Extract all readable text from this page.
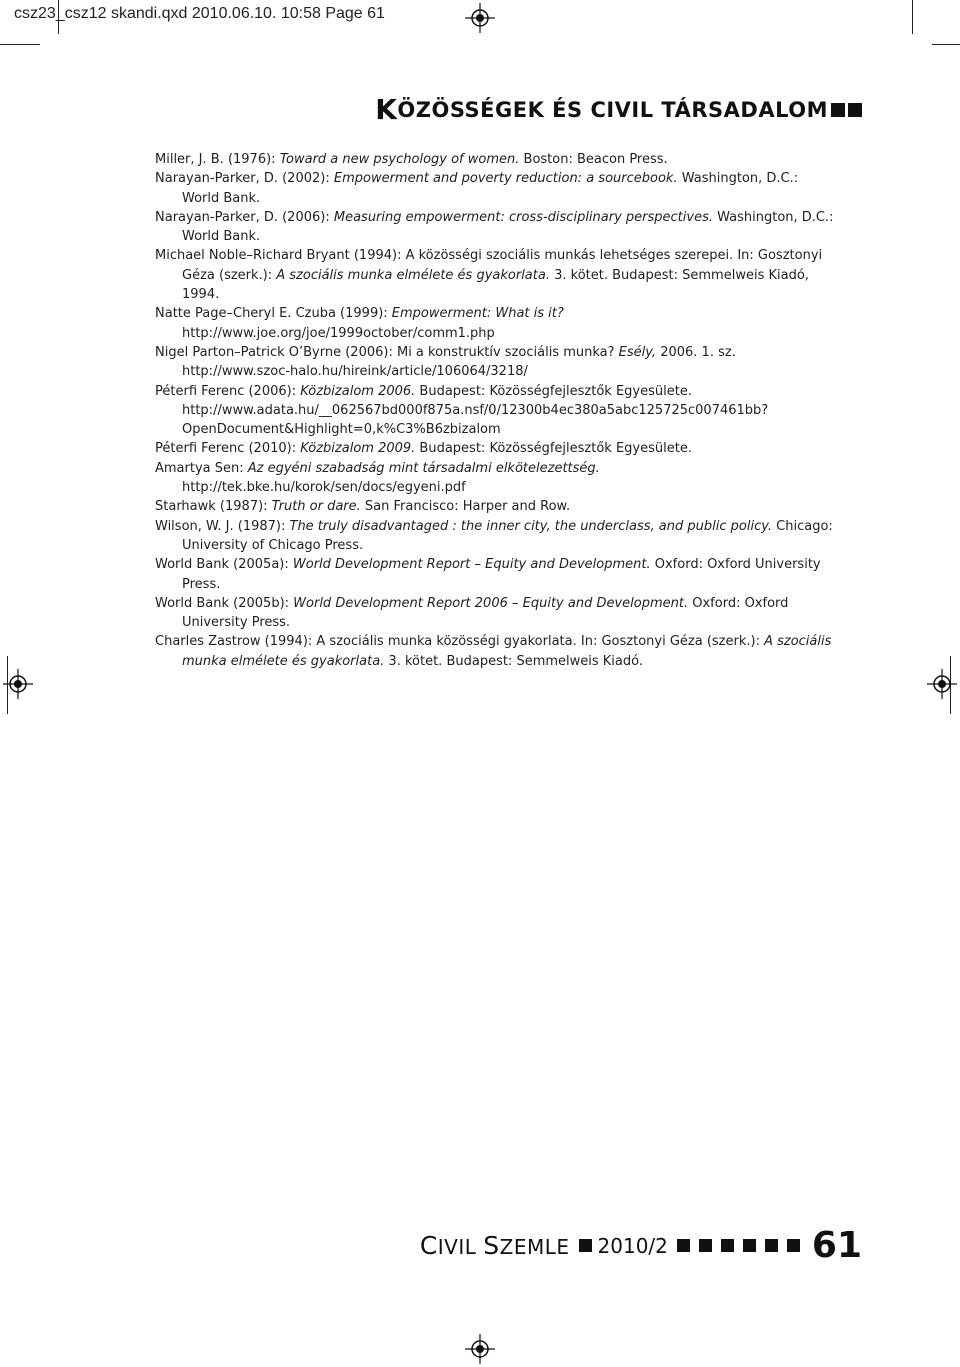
csz23_csz12 skandi.qxd 2010.06.10. 10:58 Page 61
K ÖZÖSSÉGEK ÉS CIVIL TÁRSADALOM

Miller, J. B. (1976): Toward a new psychology of women. Boston: Beacon Press.

Narayan-Parker, D. (2002): Empowerment and poverty reduction: a sourcebook. Washington, D.C.: World Bank.

Narayan-Parker, D. (2006): Measuring empowerment: cross-disciplinary perspectives. Washington, D.C.: World Bank.

Michael Noble–Richard Bryant (1994): A közösségi szociális munkás lehetséges szerepei. In: Gosztonyi Géza (szerk.): A szociális munka elmélete és gyakorlata. 3. kötet. Budapest: Semmelweis Kiadó, 1994.

Natte Page–Cheryl E. Czuba (1999): Empowerment: What is it? http://www.joe.org/joe/1999october/comm1.php

Nigel Parton–Patrick O’Byrne (2006): Mi a konstruktív szociális munka? Esély, 2006. 1. sz. http://www.szoc-halo.hu/hireink/article/106064/3218/

Péterfi Ferenc (2006): Közbizalom 2006. Budapest: Közösségfejlesztők Egyesülete. http://www.adata.hu/__062567bd000f875a.nsf/0/12300b4ec380a5abc125725c007461bb?OpenDocument&Highlight=0,k%C3%B6zbizalom

Péterfi Ferenc (2010): Közbizalom 2009. Budapest: Közösségfejlesztők Egyesülete.

Amartya Sen: Az egyéni szabadság mint társadalmi elkötelezettség. http://tek.bke.hu/korok/sen/docs/egyeni.pdf

Starhawk (1987): Truth or dare. San Francisco: Harper and Row.

Wilson, W. J. (1987): The truly disadvantaged : the inner city, the underclass, and public policy. Chicago: University of Chicago Press.

World Bank (2005a): World Development Report – Equity and Development. Oxford: Oxford University Press.

World Bank (2005b): World Development Report 2006 – Equity and Development. Oxford: Oxford University Press.

Charles Zastrow (1994): A szociális munka közösségi gyakorlata. In: Gosztonyi Géza (szerk.): A szociális munka elmélete és gyakorlata. 3. kötet. Budapest: Semmelweis Kiadó.

CIVIL SZEMLE 2010/2	61
